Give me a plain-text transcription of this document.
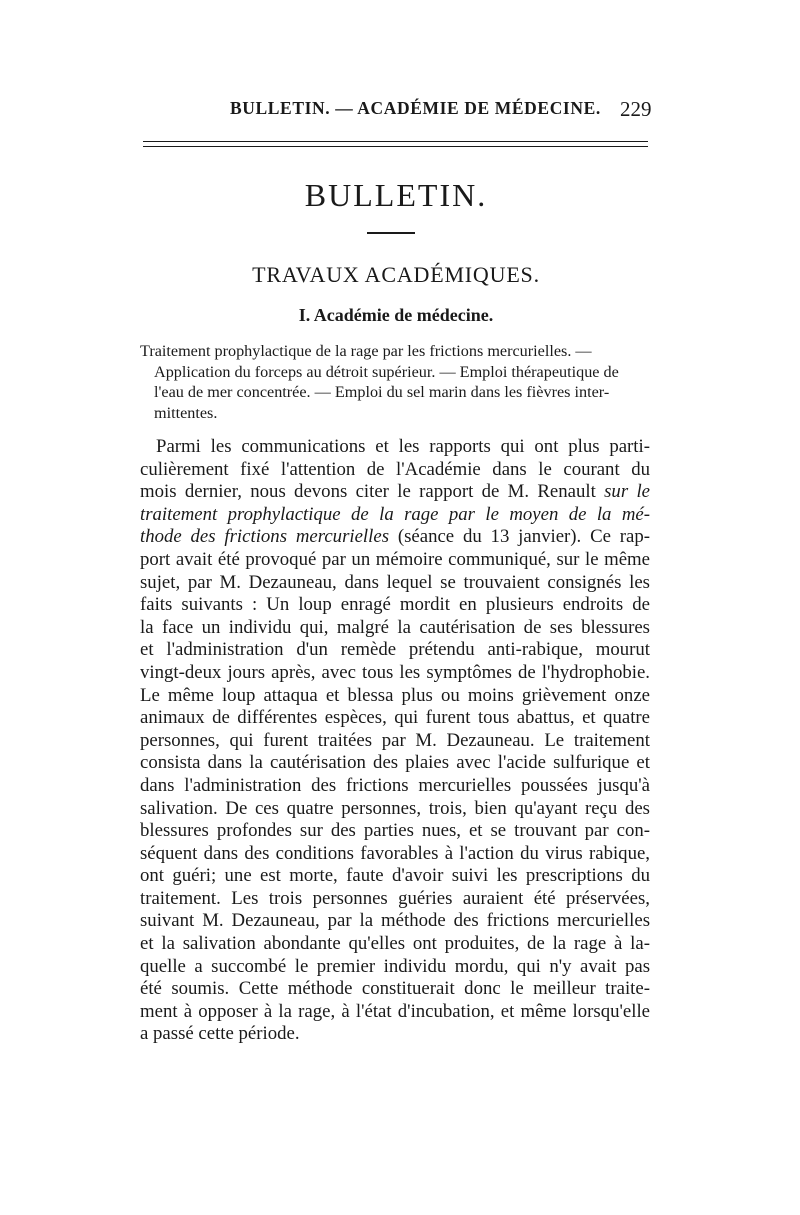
BULLETIN. — ACADÉMIE DE MÉDECINE. 229
BULLETIN.
TRAVAUX ACADÉMIQUES.
I. Académie de médecine.
Traitement prophylactique de la rage par les frictions mercurielles. —
Application du forceps au détroit supérieur. — Emploi thérapeutique de
l'eau de mer concentrée. — Emploi du sel marin dans les fièvres inter-
mittentes.
Parmi les communications et les rapports qui ont plus parti-
culièrement fixé l'attention de l'Académie dans le courant du
mois dernier, nous devons citer le rapport de M. Renault sur le
traitement prophylactique de la rage par le moyen de la mé-
thode des frictions mercurielles (séance du 13 janvier). Ce rap-
port avait été provoqué par un mémoire communiqué, sur le même
sujet, par M. Dezauneau, dans lequel se trouvaient consignés les
faits suivants : Un loup enragé mordit en plusieurs endroits de
la face un individu qui, malgré la cautérisation de ses blessures
et l'administration d'un remède prétendu anti-rabique, mourut
vingt-deux jours après, avec tous les symptômes de l'hydrophobie.
Le même loup attaqua et blessa plus ou moins grièvement onze
animaux de différentes espèces, qui furent tous abattus, et quatre
personnes, qui furent traitées par M. Dezauneau. Le traitement
consista dans la cautérisation des plaies avec l'acide sulfurique et
dans l'administration des frictions mercurielles poussées jusqu'à
salivation. De ces quatre personnes, trois, bien qu'ayant reçu des
blessures profondes sur des parties nues, et se trouvant par con-
séquent dans des conditions favorables à l'action du virus rabique,
ont guéri; une est morte, faute d'avoir suivi les prescriptions du
traitement. Les trois personnes guéries auraient été préservées,
suivant M. Dezauneau, par la méthode des frictions mercurielles
et la salivation abondante qu'elles ont produites, de la rage à la-
quelle a succombé le premier individu mordu, qui n'y avait pas
été soumis. Cette méthode constituerait donc le meilleur traite-
ment à opposer à la rage, à l'état d'incubation, et même lorsqu'elle
a passé cette période.
